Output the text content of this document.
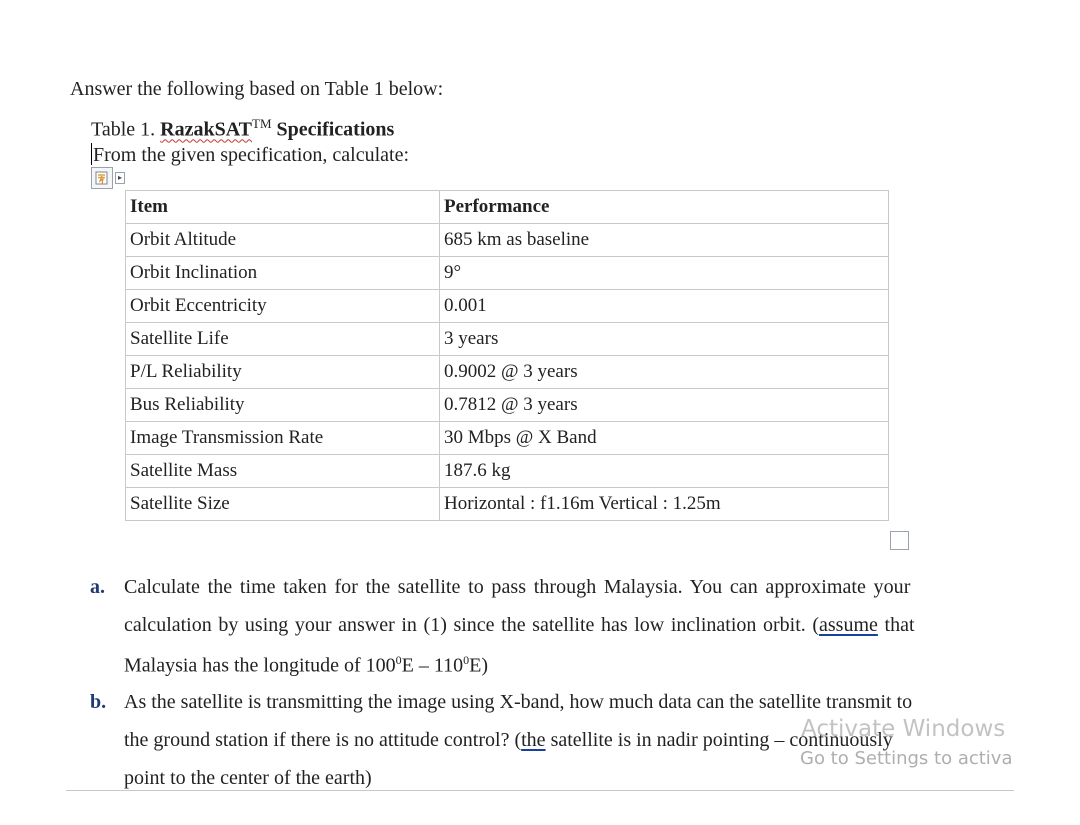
Answer the following based on Table 1 below:
Table 1. RazakSAT™ Specifications
From the given specification, calculate:
▸
Item	Performance
Orbit Altitude	685 km as baseline
Orbit Inclination	9°
Orbit Eccentricity	0.001
Satellite Life	3 years
P/L Reliability	0.9002 @ 3 years
Bus Reliability	0.7812 @ 3 years
Image Transmission Rate	30 Mbps @ X Band
Satellite Mass	187.6 kg
Satellite Size	Horizontal : f1.16m Vertical : 1.25m
a. Calculate the time taken for the satellite to pass through Malaysia. You can approximate your
calculation by using your answer in (1) since the satellite has low inclination orbit. (assume that
Malaysia has the longitude of $100^0E - 110^0E$)
b. As the satellite is transmitting the image using X-band, how much data can the satellite transmit to
the ground station if there is no attitude control? (the satellite is in nadir pointing – continuously
point to the center of the earth)
Activate Windows
Go to Settings to activa
